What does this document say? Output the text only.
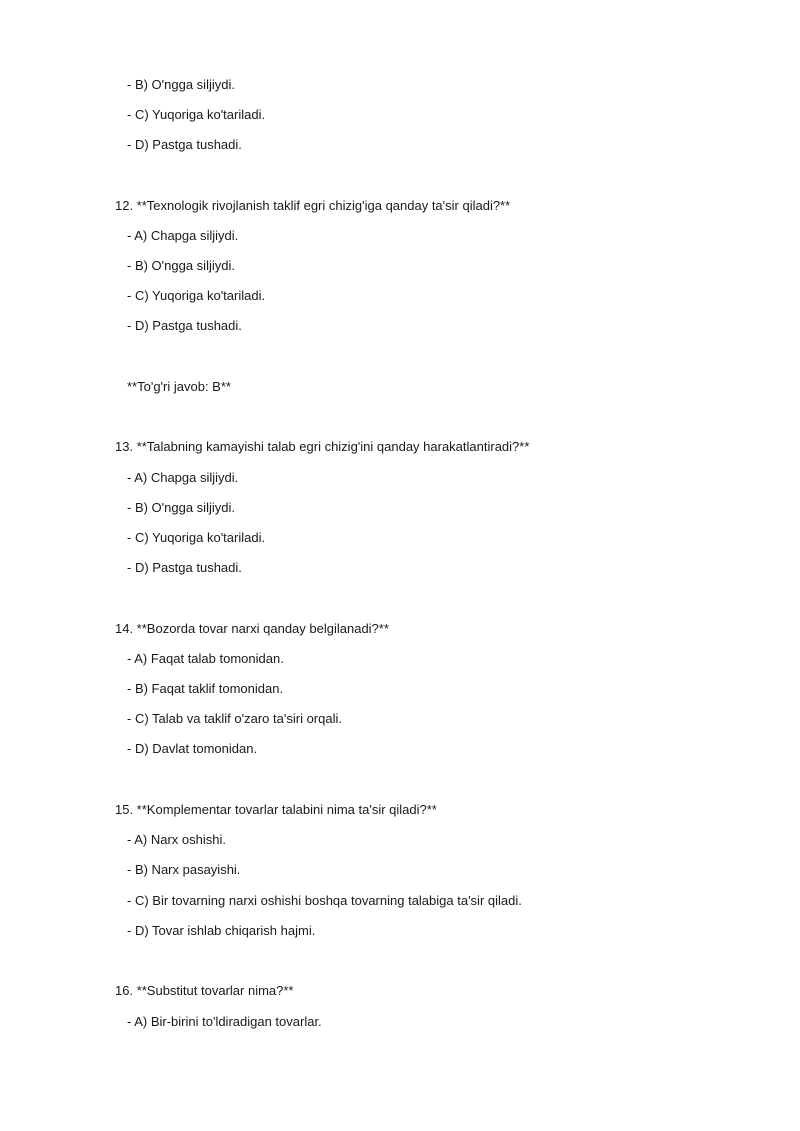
- B) O'ngga siljiydi.
- C) Yuqoriga ko'tariladi.
- D) Pastga tushadi.
12. **Texnologik rivojlanish taklif egri chizig'iga qanday ta'sir qiladi?**
- A) Chapga siljiydi.
- B) O'ngga siljiydi.
- C) Yuqoriga ko'tariladi.
- D) Pastga tushadi.
**To'g'ri javob: B**
13. **Talabning kamayishi talab egri chizig'ini qanday harakatlantiradi?**
- A) Chapga siljiydi.
- B) O'ngga siljiydi.
- C) Yuqoriga ko'tariladi.
- D) Pastga tushadi.
14. **Bozorda tovar narxi qanday belgilanadi?**
- A) Faqat talab tomonidan.
- B) Faqat taklif tomonidan.
- C) Talab va taklif o'zaro ta'siri orqali.
- D) Davlat tomonidan.
15. **Komplementar tovarlar talabini nima ta'sir qiladi?**
- A) Narx oshishi.
- B) Narx pasayishi.
- C) Bir tovarning narxi oshishi boshqa tovarning talabiga ta'sir qiladi.
- D) Tovar ishlab chiqarish hajmi.
16. **Substitut tovarlar nima?**
- A) Bir-birini to'ldiradigan tovarlar.
